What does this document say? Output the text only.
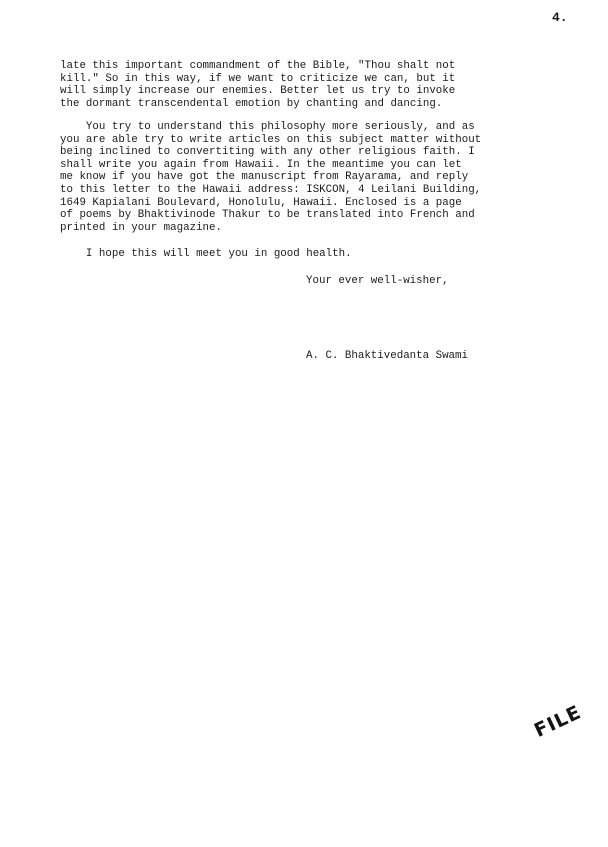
4.

late this important commandment of the Bible, "Thou shalt not
kill." So in this way, if we want to criticize we can, but it
will simply increase our enemies. Better let us try to invoke
the dormant transcendental emotion by chanting and dancing.

You try to understand this philosophy more seriously, and as
you are able try to write articles on this subject matter without
being inclined to convertiting with any other religious faith. I
shall write you again from Hawaii. In the meantime you can let
me know if you have got the manuscript from Rayarama, and reply
to this letter to the Hawaii address: ISKCON, 4 Leilani Building,
1649 Kapialani Boulevard, Honolulu, Hawaii. Enclosed is a page
of poems by Bhaktivinode Thakur to be translated into French and
printed in your magazine.

I hope this will meet you in good health.

Your ever well-wisher,
A. C. Bhaktivedanta Swami
FILE
